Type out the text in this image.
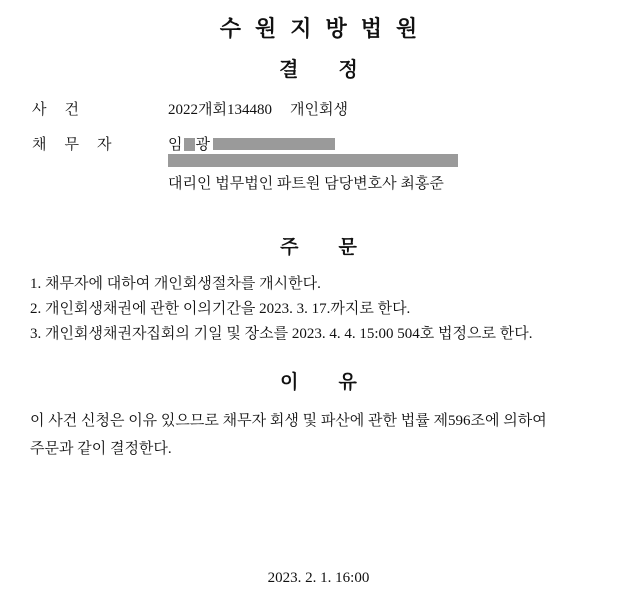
수원지방법원
결정
사건	2022개회134480 개인회생
채무자	임 광
대리인 법무법인 파트원 담당변호사 최홍준
주문
1. 채무자에 대하여 개인회생절차를 개시한다.
2. 개인회생채권에 관한 이의기간을 2023. 3. 17.까지로 한다.
3. 개인회생채권자집회의 기일 및 장소를 2023. 4. 4. 15:00 504호 법정으로 한다.
이유

이 사건 신청은 이유 있으므로 채무자 회생 및 파산에 관한 법률 제596조에 의하여

주문과 같이 결정한다.

2023. 2. 1. 16:00
